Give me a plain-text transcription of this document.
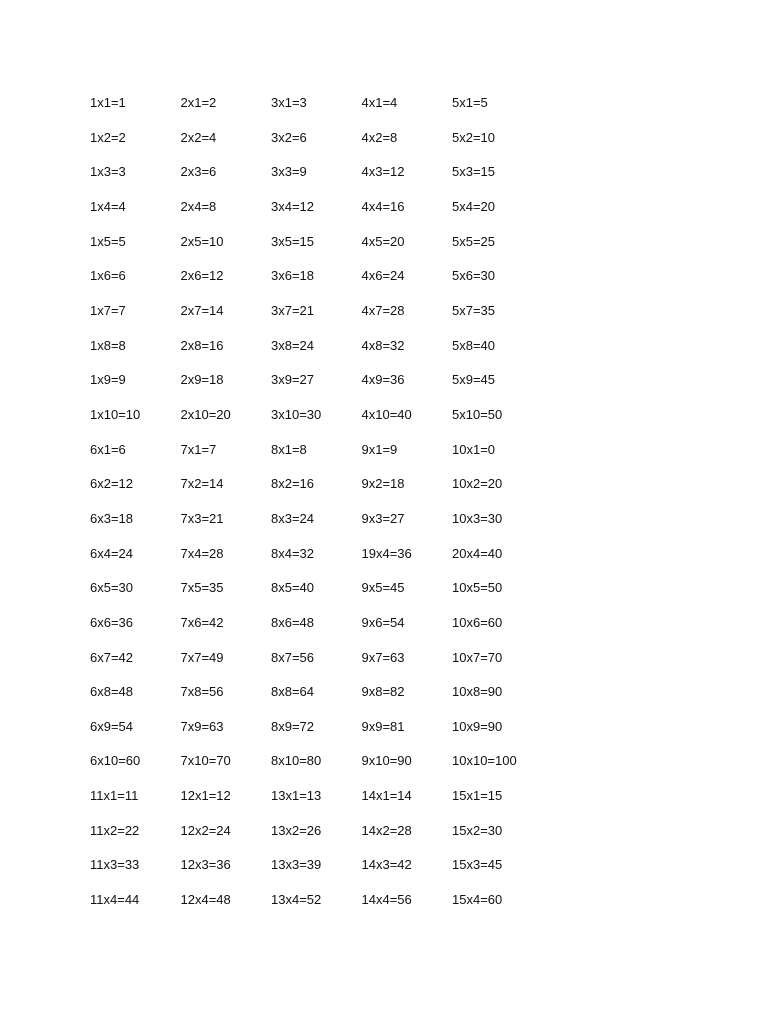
1x1=1	2x1=2	3x1=3	4x1=4	5x1=5
1x2=2	2x2=4	3x2=6	4x2=8	5x2=10
1x3=3	2x3=6	3x3=9	4x3=12	5x3=15
1x4=4	2x4=8	3x4=12	4x4=16	5x4=20
1x5=5	2x5=10	3x5=15	4x5=20	5x5=25
1x6=6	2x6=12	3x6=18	4x6=24	5x6=30
1x7=7	2x7=14	3x7=21	4x7=28	5x7=35
1x8=8	2x8=16	3x8=24	4x8=32	5x8=40
1x9=9	2x9=18	3x9=27	4x9=36	5x9=45
1x10=10	2x10=20	3x10=30	4x10=40	5x10=50
6x1=6	7x1=7	8x1=8	9x1=9	10x1=0
6x2=12	7x2=14	8x2=16	9x2=18	10x2=20
6x3=18	7x3=21	8x3=24	9x3=27	10x3=30
6x4=24	7x4=28	8x4=32	19x4=36	20x4=40
6x5=30	7x5=35	8x5=40	9x5=45	10x5=50
6x6=36	7x6=42	8x6=48	9x6=54	10x6=60
6x7=42	7x7=49	8x7=56	9x7=63	10x7=70
6x8=48	7x8=56	8x8=64	9x8=82	10x8=90
6x9=54	7x9=63	8x9=72	9x9=81	10x9=90
6x10=60	7x10=70	8x10=80	9x10=90	10x10=100
11x1=11	12x1=12	13x1=13	14x1=14	15x1=15
11x2=22	12x2=24	13x2=26	14x2=28	15x2=30
11x3=33	12x3=36	13x3=39	14x3=42	15x3=45
11x4=44	12x4=48	13x4=52	14x4=56	15x4=60
